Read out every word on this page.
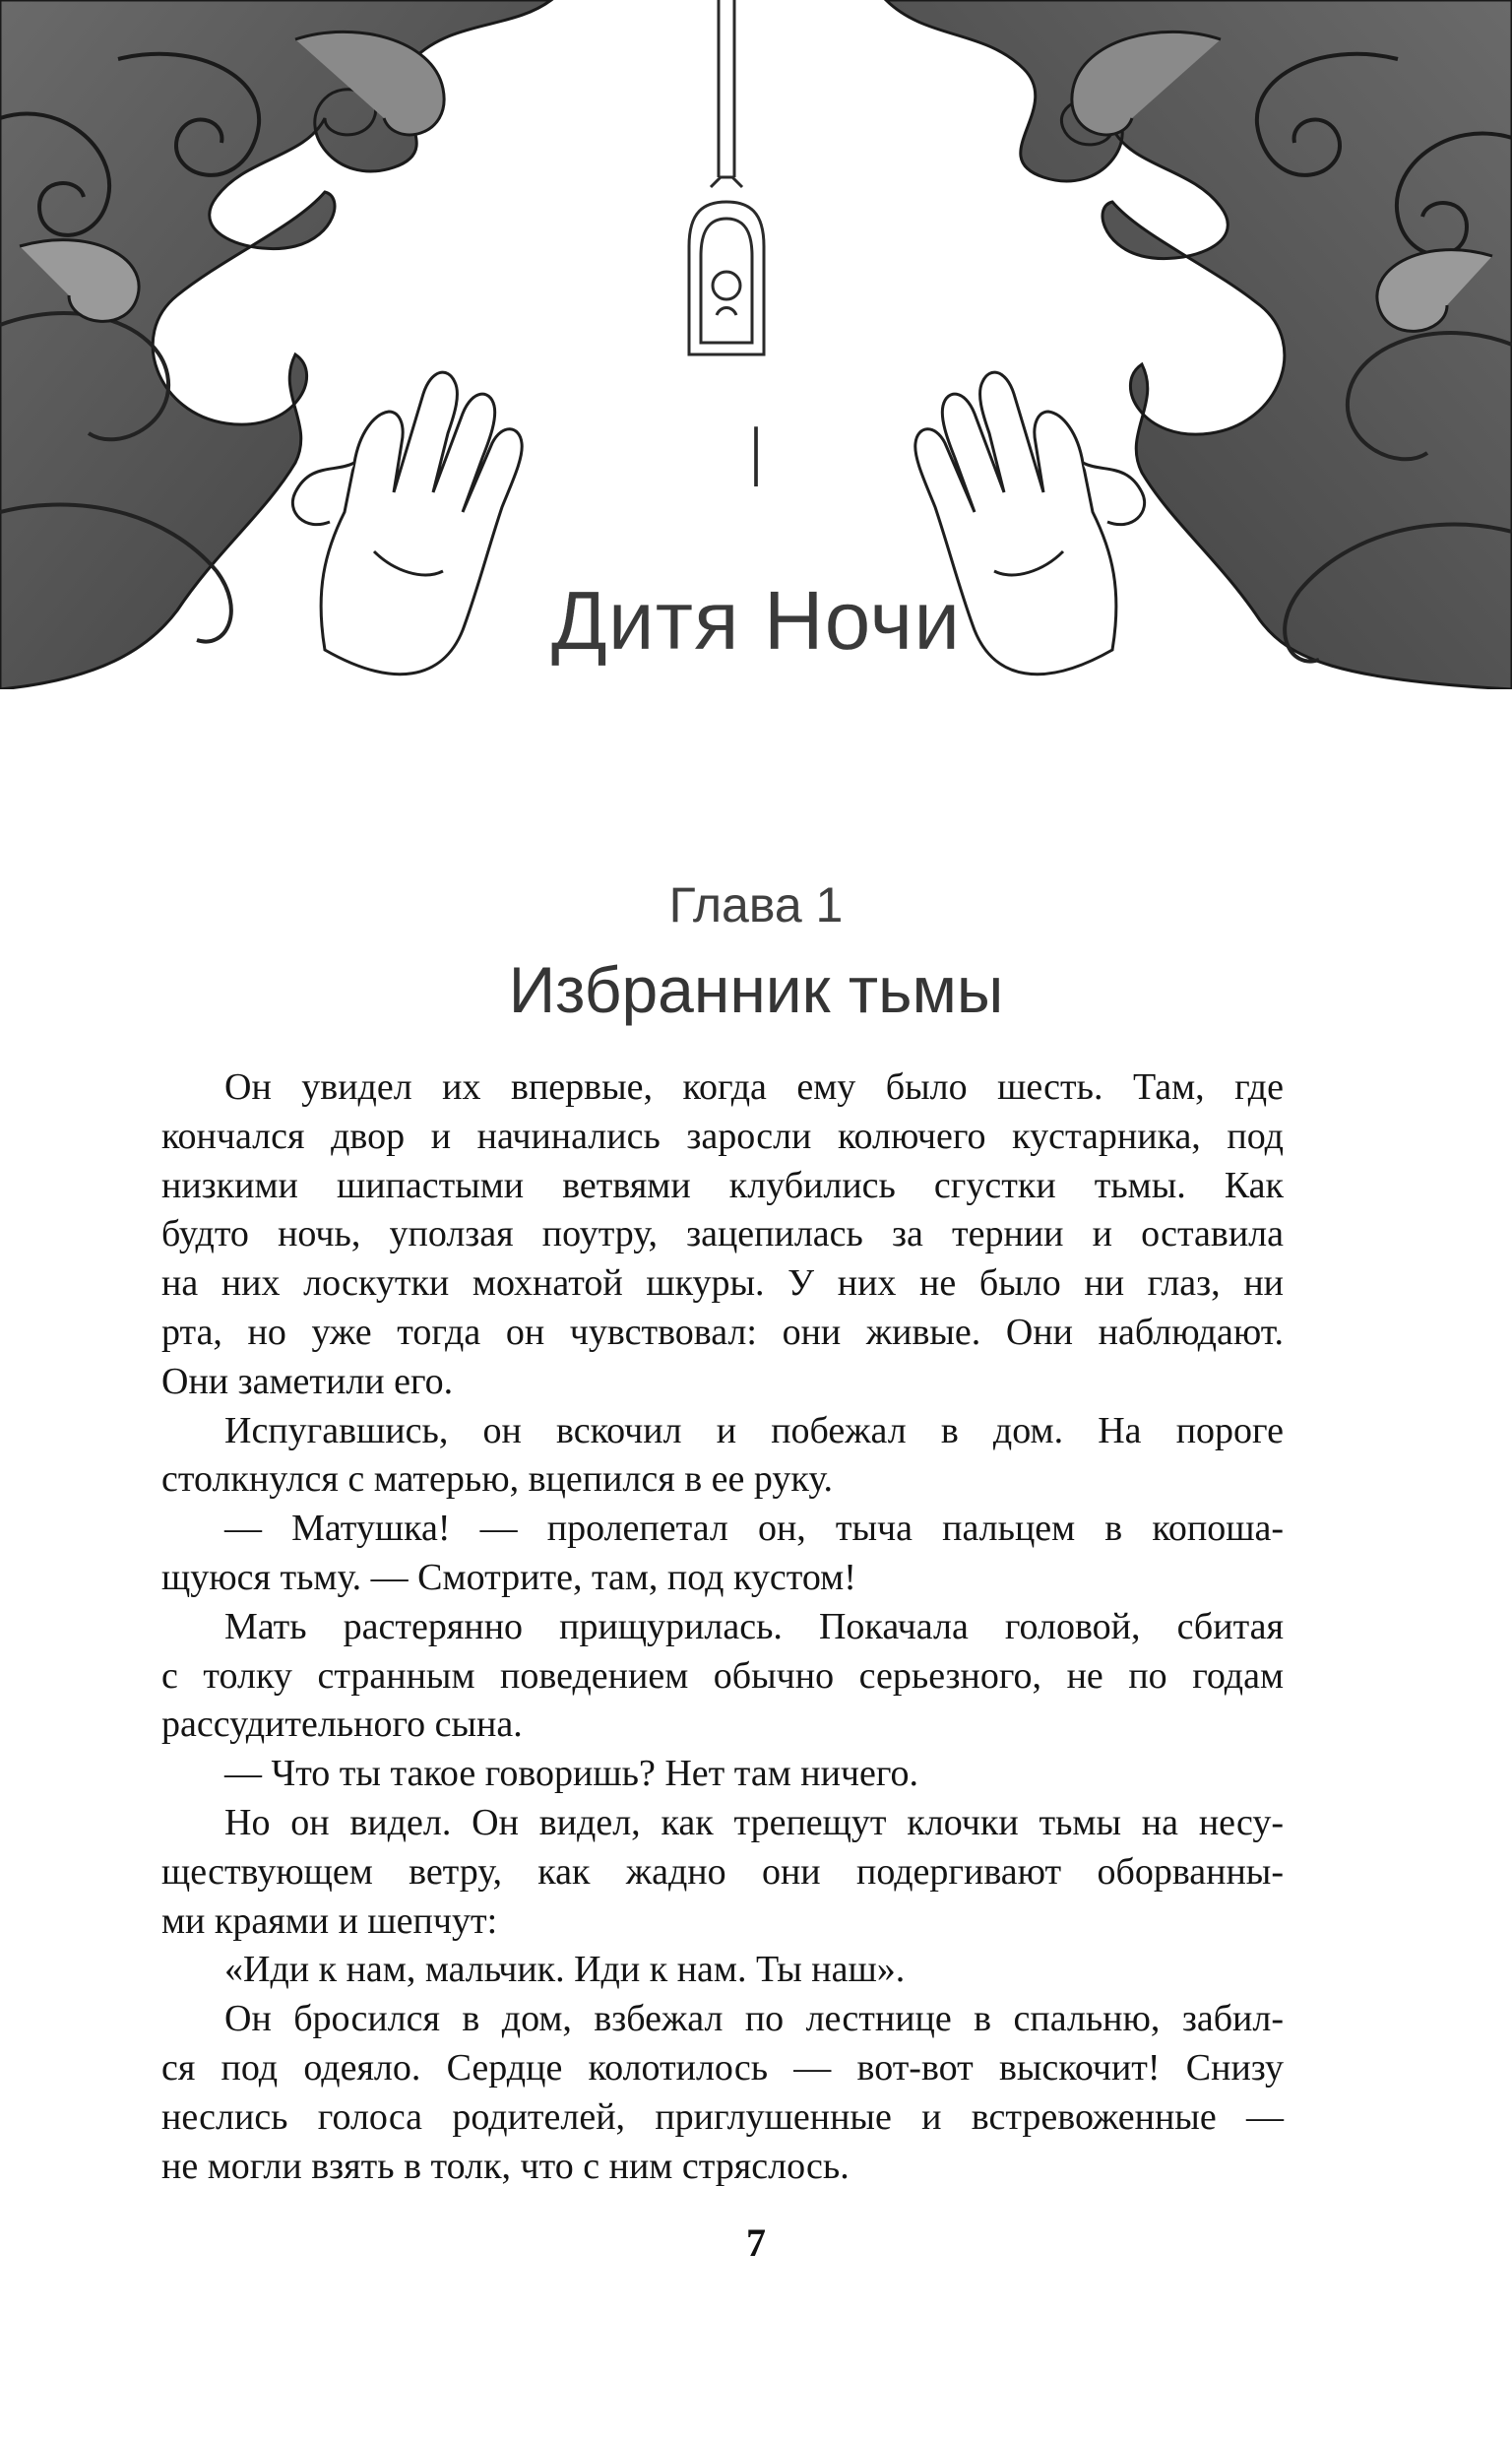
I
Дитя Ночи
Глава 1
Избранник тьмы
Он увидел их впервые, когда ему было шесть. Там, где
кончался двор и начинались заросли колючего кустарника, под
низкими шипастыми ветвями клубились сгустки тьмы. Как
будто ночь, уползая поутру, зацепилась за тернии и оставила
на них лоскутки мохнатой шкуры. У них не было ни глаз, ни
рта, но уже тогда он чувствовал: они живые. Они наблюдают.
Они заметили его.
Испугавшись, он вскочил и побежал в дом. На пороге
столкнулся с матерью, вцепился в ее руку.
— Матушка! — пролепетал он, тыча пальцем в копоша-
щуюся тьму. — Смотрите, там, под кустом!
Мать растерянно прищурилась. Покачала головой, сбитая
с толку странным поведением обычно серьезного, не по годам
рассудительного сына.
— Что ты такое говоришь? Нет там ничего.
Но он видел. Он видел, как трепещут клочки тьмы на несу-
ществующем ветру, как жадно они подергивают оборванны-
ми краями и шепчут:
«Иди к нам, мальчик. Иди к нам. Ты наш».
Он бросился в дом, взбежал по лестнице в спальню, забил-
ся под одеяло. Сердце колотилось — вот-вот выскочит! Снизу
неслись голоса родителей, приглушенные и встревоженные —
не могли взять в толк, что с ним стряслось.
7
